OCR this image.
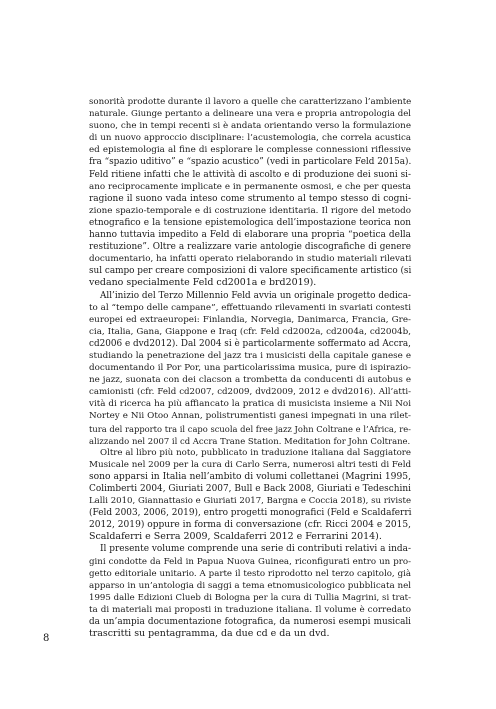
sonorità prodotte durante il lavoro a quelle che caratterizzano l’ambiente
naturale. Giunge pertanto a delineare una vera e propria antropologia del
suono, che in tempi recenti si è andata orientando verso la formulazione
di un nuovo approccio disciplinare: l’acustemologia, che correla acustica
ed epistemologia al fine di esplorare le complesse connessioni riflessive
fra “spazio uditivo” e “spazio acustico” (vedi in particolare Feld 2015a).
Feld ritiene infatti che le attività di ascolto e di produzione dei suoni si-
ano reciprocamente implicate e in permanente osmosi, e che per questa
ragione il suono vada inteso come strumento al tempo stesso di cogni-
zione spazio-temporale e di costruzione identitaria. Il rigore del metodo
etnografico e la tensione epistemologica dell’impostazione teorica non
hanno tuttavia impedito a Feld di elaborare una propria “poetica della
restituzione”. Oltre a realizzare varie antologie discografiche di genere
documentario, ha infatti operato rielaborando in studio materiali rilevati
sul campo per creare composizioni di valore specificamente artistico (si
vedano specialmente Feld cd2001a e brd2019).
All’inizio del Terzo Millennio Feld avvia un originale progetto dedica-
to al “tempo delle campane”, effettuando rilevamenti in svariati contesti
europei ed extraeuropei: Finlandia, Norvegia, Danimarca, Francia, Gre-
cia, Italia, Gana, Giappone e Iraq (cfr. Feld cd2002a, cd2004a, cd2004b,
cd2006 e dvd2012). Dal 2004 si è particolarmente soffermato ad Accra,
studiando la penetrazione del jazz tra i musicisti della capitale ganese e
documentando il Por Por, una particolarissima musica, pure di ispirazio-
ne jazz, suonata con dei clacson a trombetta da conducenti di autobus e
camionisti (cfr. Feld cd2007, cd2009, dvd2009, 2012 e dvd2016). All’atti-
vità di ricerca ha più affiancato la pratica di musicista insieme a Nii Noi
Nortey e Nii Otoo Annan, polistrumentisti ganesi impegnati in una rilet-
tura del rapporto tra il capo scuola del free jazz John Coltrane e l’Africa, re-
alizzando nel 2007 il cd Accra Trane Station. Meditation for John Coltrane.
Oltre al libro più noto, pubblicato in traduzione italiana dal Saggiatore
Musicale nel 2009 per la cura di Carlo Serra, numerosi altri testi di Feld
sono apparsi in Italia nell’ambito di volumi collettanei (Magrini 1995,
Colimberti 2004, Giuriati 2007, Bull e Back 2008, Giuriati e Tedeschini
Lalli 2010, Giannattasio e Giuriati 2017, Bargna e Coccia 2018), su riviste
(Feld 2003, 2006, 2019), entro progetti monografici (Feld e Scaldaferri
2012, 2019) oppure in forma di conversazione (cfr. Ricci 2004 e 2015,
Scaldaferri e Serra 2009, Scaldaferri 2012 e Ferrarini 2014).
Il presente volume comprende una serie di contributi relativi a inda-
gini condotte da Feld in Papua Nuova Guinea, riconfigurati entro un pro-
getto editoriale unitario. A parte il testo riprodotto nel terzo capitolo, già
apparso in un’antologia di saggi a tema etnomusicologico pubblicata nel
1995 dalle Edizioni Clueb di Bologna per la cura di Tullia Magrini, si trat-
ta di materiali mai proposti in traduzione italiana. Il volume è corredato
da un’ampia documentazione fotografica, da numerosi esempi musicali
trascritti su pentagramma, da due cd e da un dvd.
8
